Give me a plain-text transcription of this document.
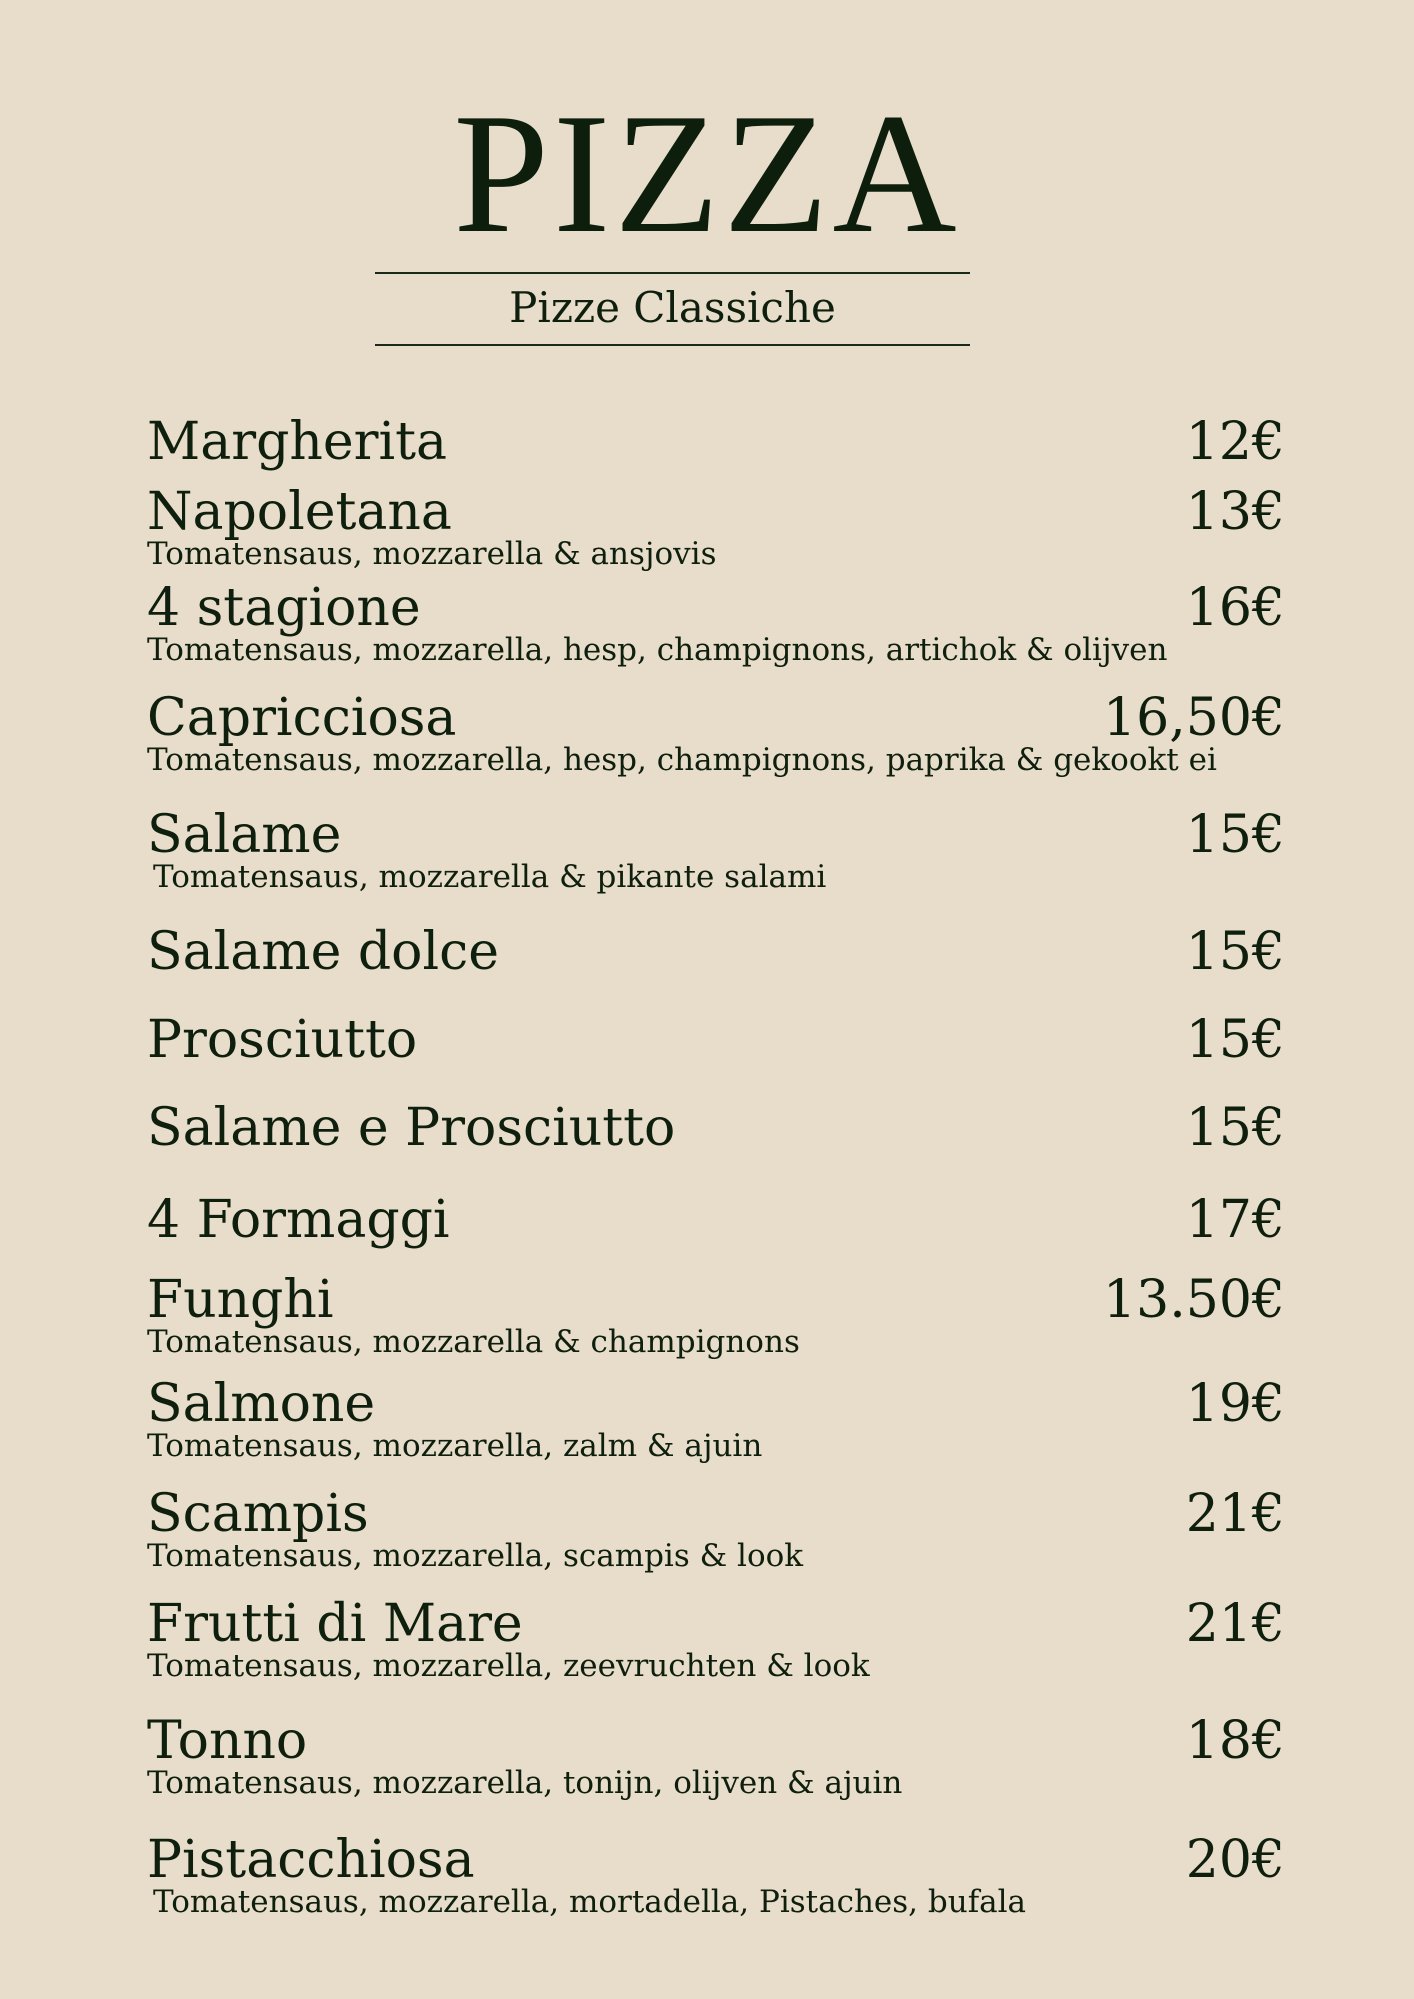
PIZZA
Pizze Classiche
Margherita	12€
Napoletana	13€
Tomatensaus, mozzarella & ansjovis
4 stagione	16€
Tomatensaus, mozzarella, hesp, champignons, artichok & olijven
Capricciosa	16,50€
Tomatensaus, mozzarella, hesp, champignons, paprika & gekookt ei
Salame	15€
Tomatensaus, mozzarella & pikante salami
Salame dolce	15€
Prosciutto	15€
Salame e Prosciutto	15€
4 Formaggi	17€
Funghi	13.50€
Tomatensaus, mozzarella & champignons
Salmone	19€
Tomatensaus, mozzarella, zalm & ajuin
Scampis	21€
Tomatensaus, mozzarella, scampis & look
Frutti di Mare	21€
Tomatensaus, mozzarella, zeevruchten & look
Tonno	18€
Tomatensaus, mozzarella, tonijn, olijven & ajuin
Pistacchiosa	20€
Tomatensaus, mozzarella, mortadella, Pistaches, bufala
